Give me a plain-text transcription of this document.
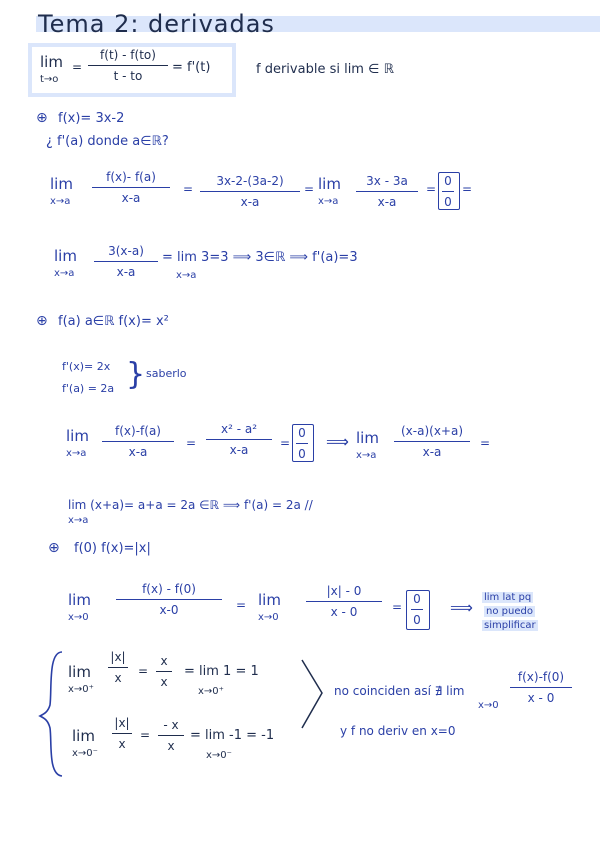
Tema 2: derivadas
lim
t→o
=
f(t) - f(to)
t - to
= f'(t)	f derivable si lim ∈ ℝ
⊕ f(x)= 3x-2
¿ f'(a) donde a∈ℝ?
lim
x→a
f(x)- f(a)
x-a
=
3x-2-(3a-2)
x-a
= lim
x→a
3x - 3a
x-a
=
0
0
=
lim
x→a
3(x-a)
x-a
= lim 3=3 ⟹ 3∈ℝ ⟹ f'(a)=3
x→a
⊕ f(a) a∈ℝ f(x)= x²
f'(x)= 2x
f'(a) = 2a } saberlo
lim
x→a
f(x)-f(a)
x-a
=
x² - a²
x-a	=
0
0
⟹ lim
x→a
(x-a)(x+a)
x-a
=
lim (x+a)= a+a = 2a ∈ℝ ⟹ f'(a) = 2a //
x→a
⊕ f(0) f(x)=|x|
lim
x→0
f(x) - f(0)
x-0	= lim
x→0
|x| - 0
x - 0	=
0
0
⟹
lim lat pq
no puedo
simplificar
lim
x→0⁺
|x|
x =
x
x
= lim 1 = 1
x→0⁺
lim
x→0⁻
|x|
x
=
- x
x
= lim -1 = -1
x→0⁻
no coinciden así ∄ lim
x→0
f(x)-f(0)
x - 0
y f no deriv en x=0
